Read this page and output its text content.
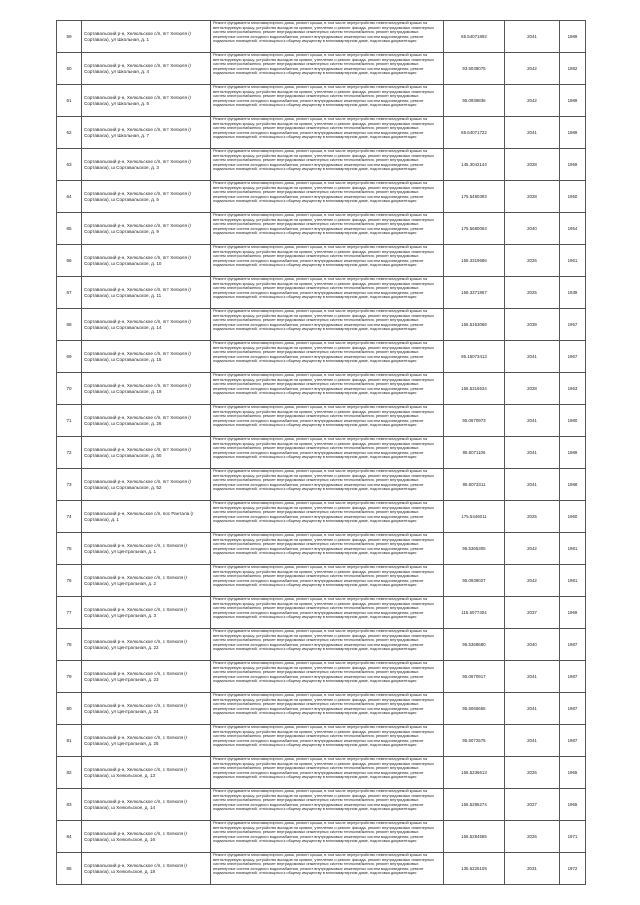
59	Сортавальский р-н, Хелюльское с/п, пгт Хелюля (г Сортавала), ул Школьная, д. 1	Ремонт фундамента многоквартирного дома, ремонт крыши, в том числе переустройство невентилируемой крыши на вентилируемую крышу, устройство выходов на кровлю, утепление и ремонт фасада, ремонт внутридомовых инженерных систем электроснабжения, ремонт внутридомовых инженерных систем теплоснабжения, ремонт внутридомовых инженерных систем холодного водоснабжения, ремонт внутридомовых инженерных систем водоотведения, ремонт подвальных помещений, относящихся к общему имуществу в многоквартирном доме, подготовка документации	65.54071892	2041	1989
60	Сортавальский р-н, Хелюльское с/п, пгт Хелюля (г Сортавала), ул Школьная, д. 4	Ремонт фундамента многоквартирного дома, ремонт крыши, в том числе переустройство невентилируемой крыши на вентилируемую крышу, устройство выходов на кровлю, утепление и ремонт фасада, ремонт внутридомовых инженерных систем электроснабжения, ремонт внутридомовых инженерных систем теплоснабжения, ремонт внутридомовых инженерных систем холодного водоснабжения, ремонт внутридомовых инженерных систем водоотведения, ремонт подвальных помещений, относящихся к общему имуществу в многоквартирном доме, подготовка документации	93.5039075	2042	1982
61	Сортавальский р-н, Хелюльское с/п, пгт Хелюля (г Сортавала), ул Школьная, д. 5	Ремонт фундамента многоквартирного дома, ремонт крыши, в том числе переустройство невентилируемой крыши на вентилируемую крышу, устройство выходов на кровлю, утепление и ремонт фасада, ремонт внутридомовых инженерных систем электроснабжения, ремонт внутридомовых инженерных систем теплоснабжения, ремонт внутридомовых инженерных систем холодного водоснабжения, ремонт внутридомовых инженерных систем водоотведения, ремонт подвальных помещений, относящихся к общему имуществу в многоквартирном доме, подготовка документации	95.0939836	2042	1989
62	Сортавальский р-н, Хелюльское с/п, пгт Хелюля (г Сортавала), ул Школьная, д. 7	Ремонт фундамента многоквартирного дома, ремонт крыши, в том числе переустройство невентилируемой крыши на вентилируемую крышу, устройство выходов на кровлю, утепление и ремонт фасада, ремонт внутридомовых инженерных систем электроснабжения, ремонт внутридомовых инженерных систем теплоснабжения, ремонт внутридомовых инженерных систем холодного водоснабжения, ремонт внутридомовых инженерных систем водоотведения, ремонт подвальных помещений, относящихся к общему имуществу в многоквартирном доме, подготовка документации	65.64071722	2041	1989
63	Сортавальский р-н, Хелюльское с/п, пгт Хелюля (г Сортавала), ш Сортавальское, д. 3	Ремонт фундамента многоквартирного дома, ремонт крыши, в том числе переустройство невентилируемой крыши на вентилируемую крышу, устройство выходов на кровлю, утепление и ремонт фасада, ремонт внутридомовых инженерных систем электроснабжения, ремонт внутридомовых инженерных систем теплоснабжения, ремонт внутридомовых инженерных систем холодного водоснабжения, ремонт внутридомовых инженерных систем водоотведения, ремонт подвальных помещений, относящихся к общему имуществу в многоквартирном доме, подготовка документации	145.3042144	2028	1959
64	Сортавальский р-н, Хелюльское с/п, пгт Хелюля (г Сортавала), ш Сортавальское, д. 5	Ремонт фундамента многоквартирного дома, ремонт крыши, в том числе переустройство невентилируемой крыши на вентилируемую крышу, устройство выходов на кровлю, утепление и ремонт фасада, ремонт внутридомовых инженерных систем электроснабжения, ремонт внутридомовых инженерных систем теплоснабжения, ремонт внутридомовых инженерных систем холодного водоснабжения, ремонт внутридомовых инженерных систем водоотведения, ремонт подвальных помещений, относящихся к общему имуществу в многоквартирном доме, подготовка документации	175.5490393	2028	1950
65	Сортавальский р-н, Хелюльское с/п, пгт Хелюля (г Сортавала), ш Сортавальское, д. 9	Ремонт фундамента многоквартирного дома, ремонт крыши, в том числе переустройство невентилируемой крыши на вентилируемую крышу, устройство выходов на кровлю, утепление и ремонт фасада, ремонт внутридомовых инженерных систем электроснабжения, ремонт внутридомовых инженерных систем теплоснабжения, ремонт внутридомовых инженерных систем холодного водоснабжения, ремонт внутридомовых инженерных систем водоотведения, ремонт подвальных помещений, относящихся к общему имуществу в многоквартирном доме, подготовка документации	175.5680064	2040	1954
66	Сортавальский р-н, Хелюльское с/п, пгт Хелюля (г Сортавала), ш Сортавальское, д. 10	Ремонт фундамента многоквартирного дома, ремонт крыши, в том числе переустройство невентилируемой крыши на вентилируемую крышу, устройство выходов на кровлю, утепление и ремонт фасада, ремонт внутридомовых инженерных систем электроснабжения, ремонт внутридомовых инженерных систем теплоснабжения, ремонт внутридомовых инженерных систем холодного водоснабжения, ремонт внутридомовых инженерных систем водоотведения, ремонт подвальных помещений, относящихся к общему имуществу в многоквартирном доме, подготовка документации	155.3319686	2026	1961
67	Сортавальский р-н, Хелюльское с/п, пгт Хелюля (г Сортавала), ш Сортавальское, д. 11	Ремонт фундамента многоквартирного дома, ремонт крыши, в том числе переустройство невентилируемой крыши на вентилируемую крышу, устройство выходов на кровлю, утепление и ремонт фасада, ремонт внутридомовых инженерных систем электроснабжения, ремонт внутридомовых инженерных систем теплоснабжения, ремонт внутридомовых инженерных систем холодного водоснабжения, ремонт внутридомовых инженерных систем водоотведения, ремонт подвальных помещений, относящихся к общему имуществу в многоквартирном доме, подготовка документации	159.3371867	2025	1939
68	Сортавальский р-н, Хелюльское с/п, пгт Хелюля (г Сортавала), ш Сортавальское, д. 14	Ремонт фундамента многоквартирного дома, ремонт крыши, в том числе переустройство невентилируемой крыши на вентилируемую крышу, устройство выходов на кровлю, утепление и ремонт фасада, ремонт внутридомовых инженерных систем электроснабжения, ремонт внутридомовых инженерных систем теплоснабжения, ремонт внутридомовых инженерных систем холодного водоснабжения, ремонт внутридомовых инженерных систем водоотведения, ремонт подвальных помещений, относящихся к общему имуществу в многоквартирном доме, подготовка документации	155.5153066	2039	1957
69	Сортавальский р-н, Хелюльское с/п, пгт Хелюля (г Сортавала), ш Сортавальское, д. 15	Ремонт фундамента многоквартирного дома, ремонт крыши, в том числе переустройство невентилируемой крыши на вентилируемую крышу, устройство выходов на кровлю, утепление и ремонт фасада, ремонт внутридомовых инженерных систем электроснабжения, ремонт внутридомовых инженерных систем теплоснабжения, ремонт внутридомовых инженерных систем холодного водоснабжения, ремонт внутридомовых инженерных систем водоотведения, ремонт подвальных помещений, относящихся к общему имуществу в многоквартирном доме, подготовка документации	95.15073413	2041	1967
70	Сортавальский р-н, Хелюльское с/п, пгт Хелюля (г Сортавала), ш Сортавальское, д. 19	Ремонт фундамента многоквартирного дома, ремонт крыши, в том числе переустройство невентилируемой крыши на вентилируемую крышу, устройство выходов на кровлю, утепление и ремонт фасада, ремонт внутридомовых инженерных систем электроснабжения, ремонт внутридомовых инженерных систем теплоснабжения, ремонт внутридомовых инженерных систем холодного водоснабжения, ремонт внутридомовых инженерных систем водоотведения, ремонт подвальных помещений, относящихся к общему имуществу в многоквартирном доме, подготовка документации	155.5316534	2028	1963
71	Сортавальский р-н, Хелюльское с/п, пгт Хелюля (г Сортавала), ш Сортавальское, д. 26	Ремонт фундамента многоквартирного дома, ремонт крыши, в том числе переустройство невентилируемой крыши на вентилируемую крышу, устройство выходов на кровлю, утепление и ремонт фасада, ремонт внутридомовых инженерных систем электроснабжения, ремонт внутридомовых инженерных систем теплоснабжения, ремонт внутридомовых инженерных систем холодного водоснабжения, ремонт внутридомовых инженерных систем водоотведения, ремонт подвальных помещений, относящихся к общему имуществу в многоквартирном доме, подготовка документации	95.0670973	2041	1980
72	Сортавальский р-н, Хелюльское с/п, пгт Хелюля (г Сортавала), ш Сортавальское, д. 50	Ремонт фундамента многоквартирного дома, ремонт крыши, в том числе переустройство невентилируемой крыши на вентилируемую крышу, устройство выходов на кровлю, утепление и ремонт фасада, ремонт внутридомовых инженерных систем электроснабжения, ремонт внутридомовых инженерных систем теплоснабжения, ремонт внутридомовых инженерных систем холодного водоснабжения, ремонт внутридомовых инженерных систем водоотведения, ремонт подвальных помещений, относящихся к общему имуществу в многоквартирном доме, подготовка документации	95.5071106	2041	1989
73	Сортавальский р-н, Хелюльское с/п, пгт Хелюля (г Сортавала), ш Сортавальское, д. 52	Ремонт фундамента многоквартирного дома, ремонт крыши, в том числе переустройство невентилируемой крыши на вентилируемую крышу, устройство выходов на кровлю, утепление и ремонт фасада, ремонт внутридомовых инженерных систем электроснабжения, ремонт внутридомовых инженерных систем теплоснабжения, ремонт внутридомовых инженерных систем холодного водоснабжения, ремонт внутридомовых инженерных систем водоотведения, ремонт подвальных помещений, относящихся к общему имуществу в многоквартирном доме, подготовка документации	95.5073311	2041	1988
74	Сортавальский р-н, Хелюльское с/п, пос Рантала (г Сортавала), д. 1	Ремонт фундамента многоквартирного дома, ремонт крыши, в том числе переустройство невентилируемой крыши на вентилируемую крышу, устройство выходов на кровлю, утепление и ремонт фасада, ремонт внутридомовых инженерных систем электроснабжения, ремонт внутридомовых инженерных систем теплоснабжения, ремонт внутридомовых инженерных систем холодного водоснабжения, ремонт внутридомовых инженерных систем водоотведения, ремонт подвальных помещений, относящихся к общему имуществу в многоквартирном доме, подготовка документации	175.5446011	2025	1960
75	Сортавальский р-н, Хелюльское с/п, с Хелюля (г Сортавала), ул Центральная, д. 1	Ремонт фундамента многоквартирного дома, ремонт крыши, в том числе переустройство невентилируемой крыши на вентилируемую крышу, устройство выходов на кровлю, утепление и ремонт фасада, ремонт внутридомовых инженерных систем электроснабжения, ремонт внутридомовых инженерных систем теплоснабжения, ремонт внутридомовых инженерных систем холодного водоснабжения, ремонт внутридомовых инженерных систем водоотведения, ремонт подвальных помещений, относящихся к общему имуществу в многоквартирном доме, подготовка документации	95.5365305	2042	1981
76	Сортавальский р-н, Хелюльское с/п, с Хелюля (г Сортавала), ул Центральная, д. 2	Ремонт фундамента многоквартирного дома, ремонт крыши, в том числе переустройство невентилируемой крыши на вентилируемую крышу, устройство выходов на кровлю, утепление и ремонт фасада, ремонт внутридомовых инженерных систем электроснабжения, ремонт внутридомовых инженерных систем теплоснабжения, ремонт внутридомовых инженерных систем холодного водоснабжения, ремонт внутридомовых инженерных систем водоотведения, ремонт подвальных помещений, относящихся к общему имуществу в многоквартирном доме, подготовка документации	95.0939027	2042	1981
77	Сортавальский р-н, Хелюльское с/п, с Хелюля (г Сортавала), ул Центральная, д. 3	Ремонт фундамента многоквартирного дома, ремонт крыши, в том числе переустройство невентилируемой крыши на вентилируемую крышу, устройство выходов на кровлю, утепление и ремонт фасада, ремонт внутридомовых инженерных систем электроснабжения, ремонт внутридомовых инженерных систем теплоснабжения, ремонт внутридомовых инженерных систем холодного водоснабжения, ремонт внутридомовых инженерных систем водоотведения, ремонт подвальных помещений, относящихся к общему имуществу в многоквартирном доме, подготовка документации	115.5077404	2037	1969
78	Сортавальский р-н, Хелюльское с/п, с Хелюля (г Сортавала), ул Центральная, д. 22	Ремонт фундамента многоквартирного дома, ремонт крыши, в том числе переустройство невентилируемой крыши на вентилируемую крышу, устройство выходов на кровлю, утепление и ремонт фасада, ремонт внутридомовых инженерных систем электроснабжения, ремонт внутридомовых инженерных систем теплоснабжения, ремонт внутридомовых инженерных систем холодного водоснабжения, ремонт внутридомовых инженерных систем водоотведения, ремонт подвальных помещений, относящихся к общему имуществу в многоквартирном доме, подготовка документации	95.5368680	2040	1987
79	Сортавальский р-н, Хелюльское с/п, с Хелюля (г Сортавала), ул Центральная, д. 23	Ремонт фундамента многоквартирного дома, ремонт крыши, в том числе переустройство невентилируемой крыши на вентилируемую крышу, устройство выходов на кровлю, утепление и ремонт фасада, ремонт внутридомовых инженерных систем электроснабжения, ремонт внутридомовых инженерных систем теплоснабжения, ремонт внутридомовых инженерных систем холодного водоснабжения, ремонт внутридомовых инженерных систем водоотведения, ремонт подвальных помещений, относящихся к общему имуществу в многоквартирном доме, подготовка документации	95.0670917	2041	1987
80	Сортавальский р-н, Хелюльское с/п, с Хелюля (г Сортавала), ул Центральная, д. 24	Ремонт фундамента многоквартирного дома, ремонт крыши, в том числе переустройство невентилируемой крыши на вентилируемую крышу, устройство выходов на кровлю, утепление и ремонт фасада, ремонт внутридомовых инженерных систем электроснабжения, ремонт внутридомовых инженерных систем теплоснабжения, ремонт внутридомовых инженерных систем холодного водоснабжения, ремонт внутридомовых инженерных систем водоотведения, ремонт подвальных помещений, относящихся к общему имуществу в многоквартирном доме, подготовка документации	95.5066655	2041	1987
81	Сортавальский р-н, Хелюльское с/п, с Хелюля (г Сортавала), ул Центральная, д. 25	Ремонт фундамента многоквартирного дома, ремонт крыши, в том числе переустройство невентилируемой крыши на вентилируемую крышу, устройство выходов на кровлю, утепление и ремонт фасада, ремонт внутридомовых инженерных систем электроснабжения, ремонт внутридомовых инженерных систем теплоснабжения, ремонт внутридомовых инженерных систем холодного водоснабжения, ремонт внутридомовых инженерных систем водоотведения, ремонт подвальных помещений, относящихся к общему имуществу в многоквартирном доме, подготовка документации	95.5072575	2041	1987
82	Сортавальский р-н, Хелюльское с/п, с Хелюля (г Сортавала), ш Хелюльское, д. 13	Ремонт фундамента многоквартирного дома, ремонт крыши, в том числе переустройство невентилируемой крыши на вентилируемую крышу, устройство выходов на кровлю, утепление и ремонт фасада, ремонт внутридомовых инженерных систем электроснабжения, ремонт внутридомовых инженерных систем теплоснабжения, ремонт внутридомовых инженерных систем холодного водоснабжения, ремонт внутридомовых инженерных систем водоотведения, ремонт подвальных помещений, относящихся к общему имуществу в многоквартирном доме, подготовка документации	155.5236613	2026	1965
83	Сортавальский р-н, Хелюльское с/п, с Хелюля (г Сортавала), ш Хелюльское, д. 14	Ремонт фундамента многоквартирного дома, ремонт крыши, в том числе переустройство невентилируемой крыши на вентилируемую крышу, устройство выходов на кровлю, утепление и ремонт фасада, ремонт внутридомовых инженерных систем электроснабжения, ремонт внутридомовых инженерных систем теплоснабжения, ремонт внутридомовых инженерных систем холодного водоснабжения, ремонт внутридомовых инженерных систем водоотведения, ремонт подвальных помещений, относящихся к общему имуществу в многоквартирном доме, подготовка документации	155.5286274	2027	1965
84	Сортавальский р-н, Хелюльское с/п, с Хелюля (г Сортавала), ш Хелюльское, д. 16	Ремонт фундамента многоквартирного дома, ремонт крыши, в том числе переустройство невентилируемой крыши на вентилируемую крышу, устройство выходов на кровлю, утепление и ремонт фасада, ремонт внутридомовых инженерных систем электроснабжения, ремонт внутридомовых инженерных систем теплоснабжения, ремонт внутридомовых инженерных систем холодного водоснабжения, ремонт внутридомовых инженерных систем водоотведения, ремонт подвальных помещений, относящихся к общему имуществу в многоквартирном доме, подготовка документации	155.5284585	2026	1971
85	Сортавальский р-н, Хелюльское с/п, с Хелюля (г Сортавала), ш Хелюльское, д. 18	Ремонт фундамента многоквартирного дома, ремонт крыши, в том числе переустройство невентилируемой крыши на вентилируемую крышу, устройство выходов на кровлю, утепление и ремонт фасада, ремонт внутридомовых инженерных систем электроснабжения, ремонт внутридомовых инженерных систем теплоснабжения, ремонт внутридомовых инженерных систем холодного водоснабжения, ремонт внутридомовых инженерных систем водоотведения, ремонт подвальных помещений, относящихся к общему имуществу в многоквартирном доме, подготовка документации	135.5225105	2031	1972
